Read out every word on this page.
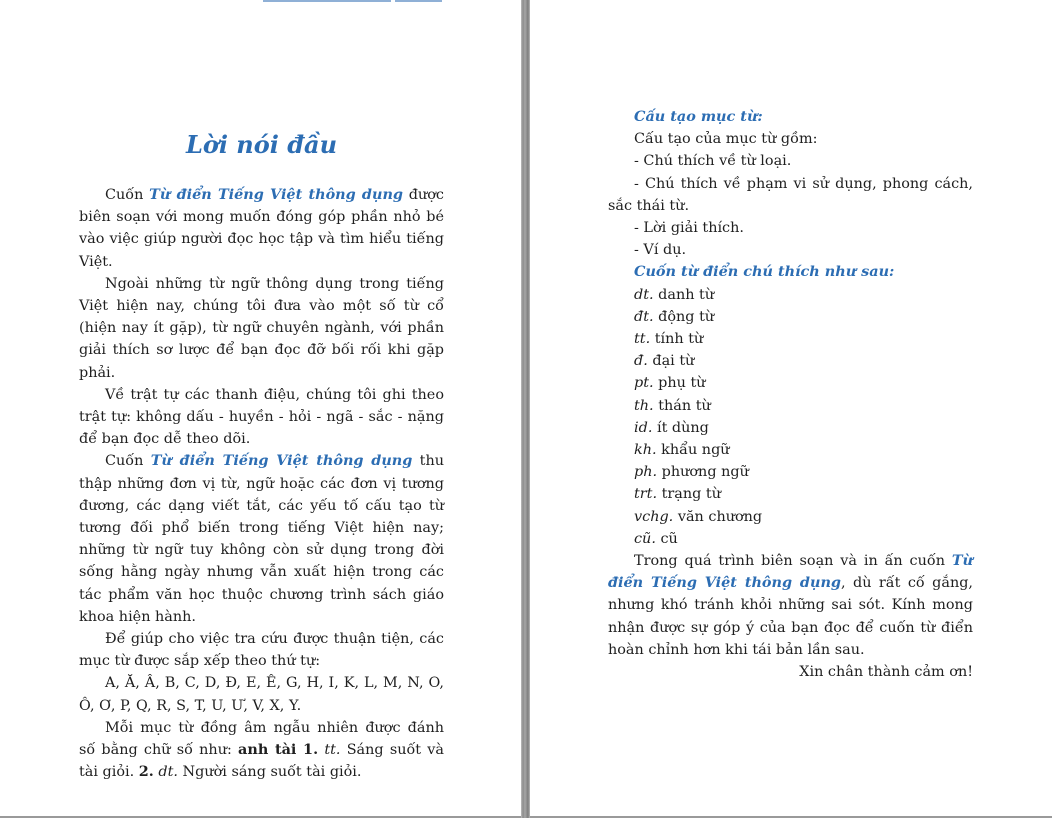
Lời nói đầu

Cuốn Từ điển Tiếng Việt thông dụng được biên soạn với mong muốn đóng góp phần nhỏ bé vào việc giúp người đọc học tập và tìm hiểu tiếng Việt.

Ngoài những từ ngữ thông dụng trong tiếng Việt hiện nay, chúng tôi đưa vào một số từ cổ (hiện nay ít gặp), từ ngữ chuyên ngành, với phần giải thích sơ lược để bạn đọc đỡ bối rối khi gặp phải.

Về trật tự các thanh điệu, chúng tôi ghi theo trật tự: không dấu - huyền - hỏi - ngã - sắc - nặng để bạn đọc dễ theo dõi.

Cuốn Từ điển Tiếng Việt thông dụng thu thập những đơn vị từ, ngữ hoặc các đơn vị tương đương, các dạng viết tắt, các yếu tố cấu tạo từ tương đối phổ biến trong tiếng Việt hiện nay; những từ ngữ tuy không còn sử dụng trong đời sống hằng ngày nhưng vẫn xuất hiện trong các tác phẩm văn học thuộc chương trình sách giáo khoa hiện hành.

Để giúp cho việc tra cứu được thuận tiện, các mục từ được sắp xếp theo thứ tự:

A, Ă, Â, B, C, D, Đ, E, Ê, G, H, I, K, L, M, N, O, Ô, Ơ, P, Q, R, S, T, U, Ư, V, X, Y.

Mỗi mục từ đồng âm ngẫu nhiên được đánh số bằng chữ số như: anh tài 1. tt. Sáng suốt và tài giỏi. 2. dt. Người sáng suốt tài giỏi.

Cấu tạo mục từ:

Cấu tạo của mục từ gồm:

- Chú thích về từ loại.

- Chú thích về phạm vi sử dụng, phong cách, sắc thái từ.

- Lời giải thích.

- Ví dụ.

Cuốn từ điển chú thích như sau:

dt. danh từ

đt. động từ

tt. tính từ

đ. đại từ

pt. phụ từ

th. thán từ

id. ít dùng

kh. khẩu ngữ

ph. phương ngữ

trt. trạng từ

vchg. văn chương

cũ. cũ

Trong quá trình biên soạn và in ấn cuốn Từ điển Tiếng Việt thông dụng, dù rất cố gắng, nhưng khó tránh khỏi những sai sót. Kính mong nhận được sự góp ý của bạn đọc để cuốn từ điển hoàn chỉnh hơn khi tái bản lần sau.

Xin chân thành cảm ơn!
